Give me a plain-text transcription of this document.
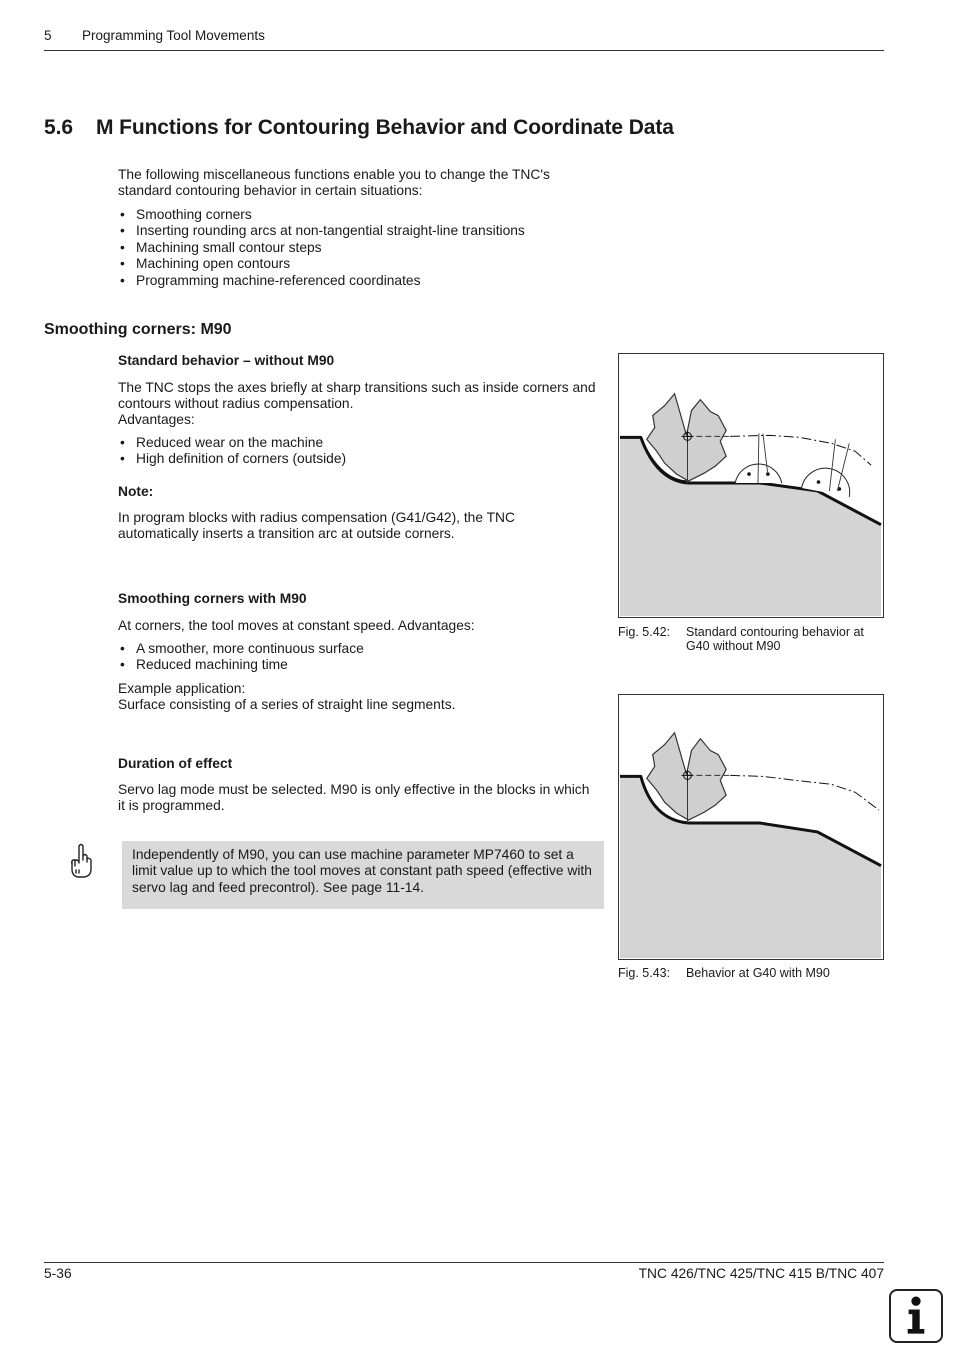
5 Programming Tool Movements
5.6 M Functions for Contouring Behavior and Coordinate Data
The following miscellaneous functions enable you to change the TNC's standard contouring behavior in certain situations:
• Smoothing corners
• Inserting rounding arcs at non-tangential straight-line transitions
• Machining small contour steps
• Machining open contours
• Programming machine-referenced coordinates
Smoothing corners: M90
Standard behavior – without M90
The TNC stops the axes briefly at sharp transitions such as inside corners and contours without radius compensation.
Advantages:
• Reduced wear on the machine
• High definition of corners (outside)
Note:
In program blocks with radius compensation (G41/G42), the TNC automatically inserts a transition arc at outside corners.
Smoothing corners with M90
At corners, the tool moves at constant speed. Advantages:
• A smoother, more continuous surface
• Reduced machining time
Example application:
Surface consisting of a series of straight line segments.
Duration of effect
Servo lag mode must be selected. M90 is only effective in the blocks in which it is programmed.
Independently of M90, you can use machine parameter MP7460 to set a limit value up to which the tool moves at constant path speed (effective with servo lag and feed precontrol). See page 11-14.
Fig. 5.42:	Standard contouring behavior at G40 without M90
Fig. 5.43:	Behavior at G40 with M90
5-36	TNC 426/TNC 425/TNC 415 B/TNC 407
